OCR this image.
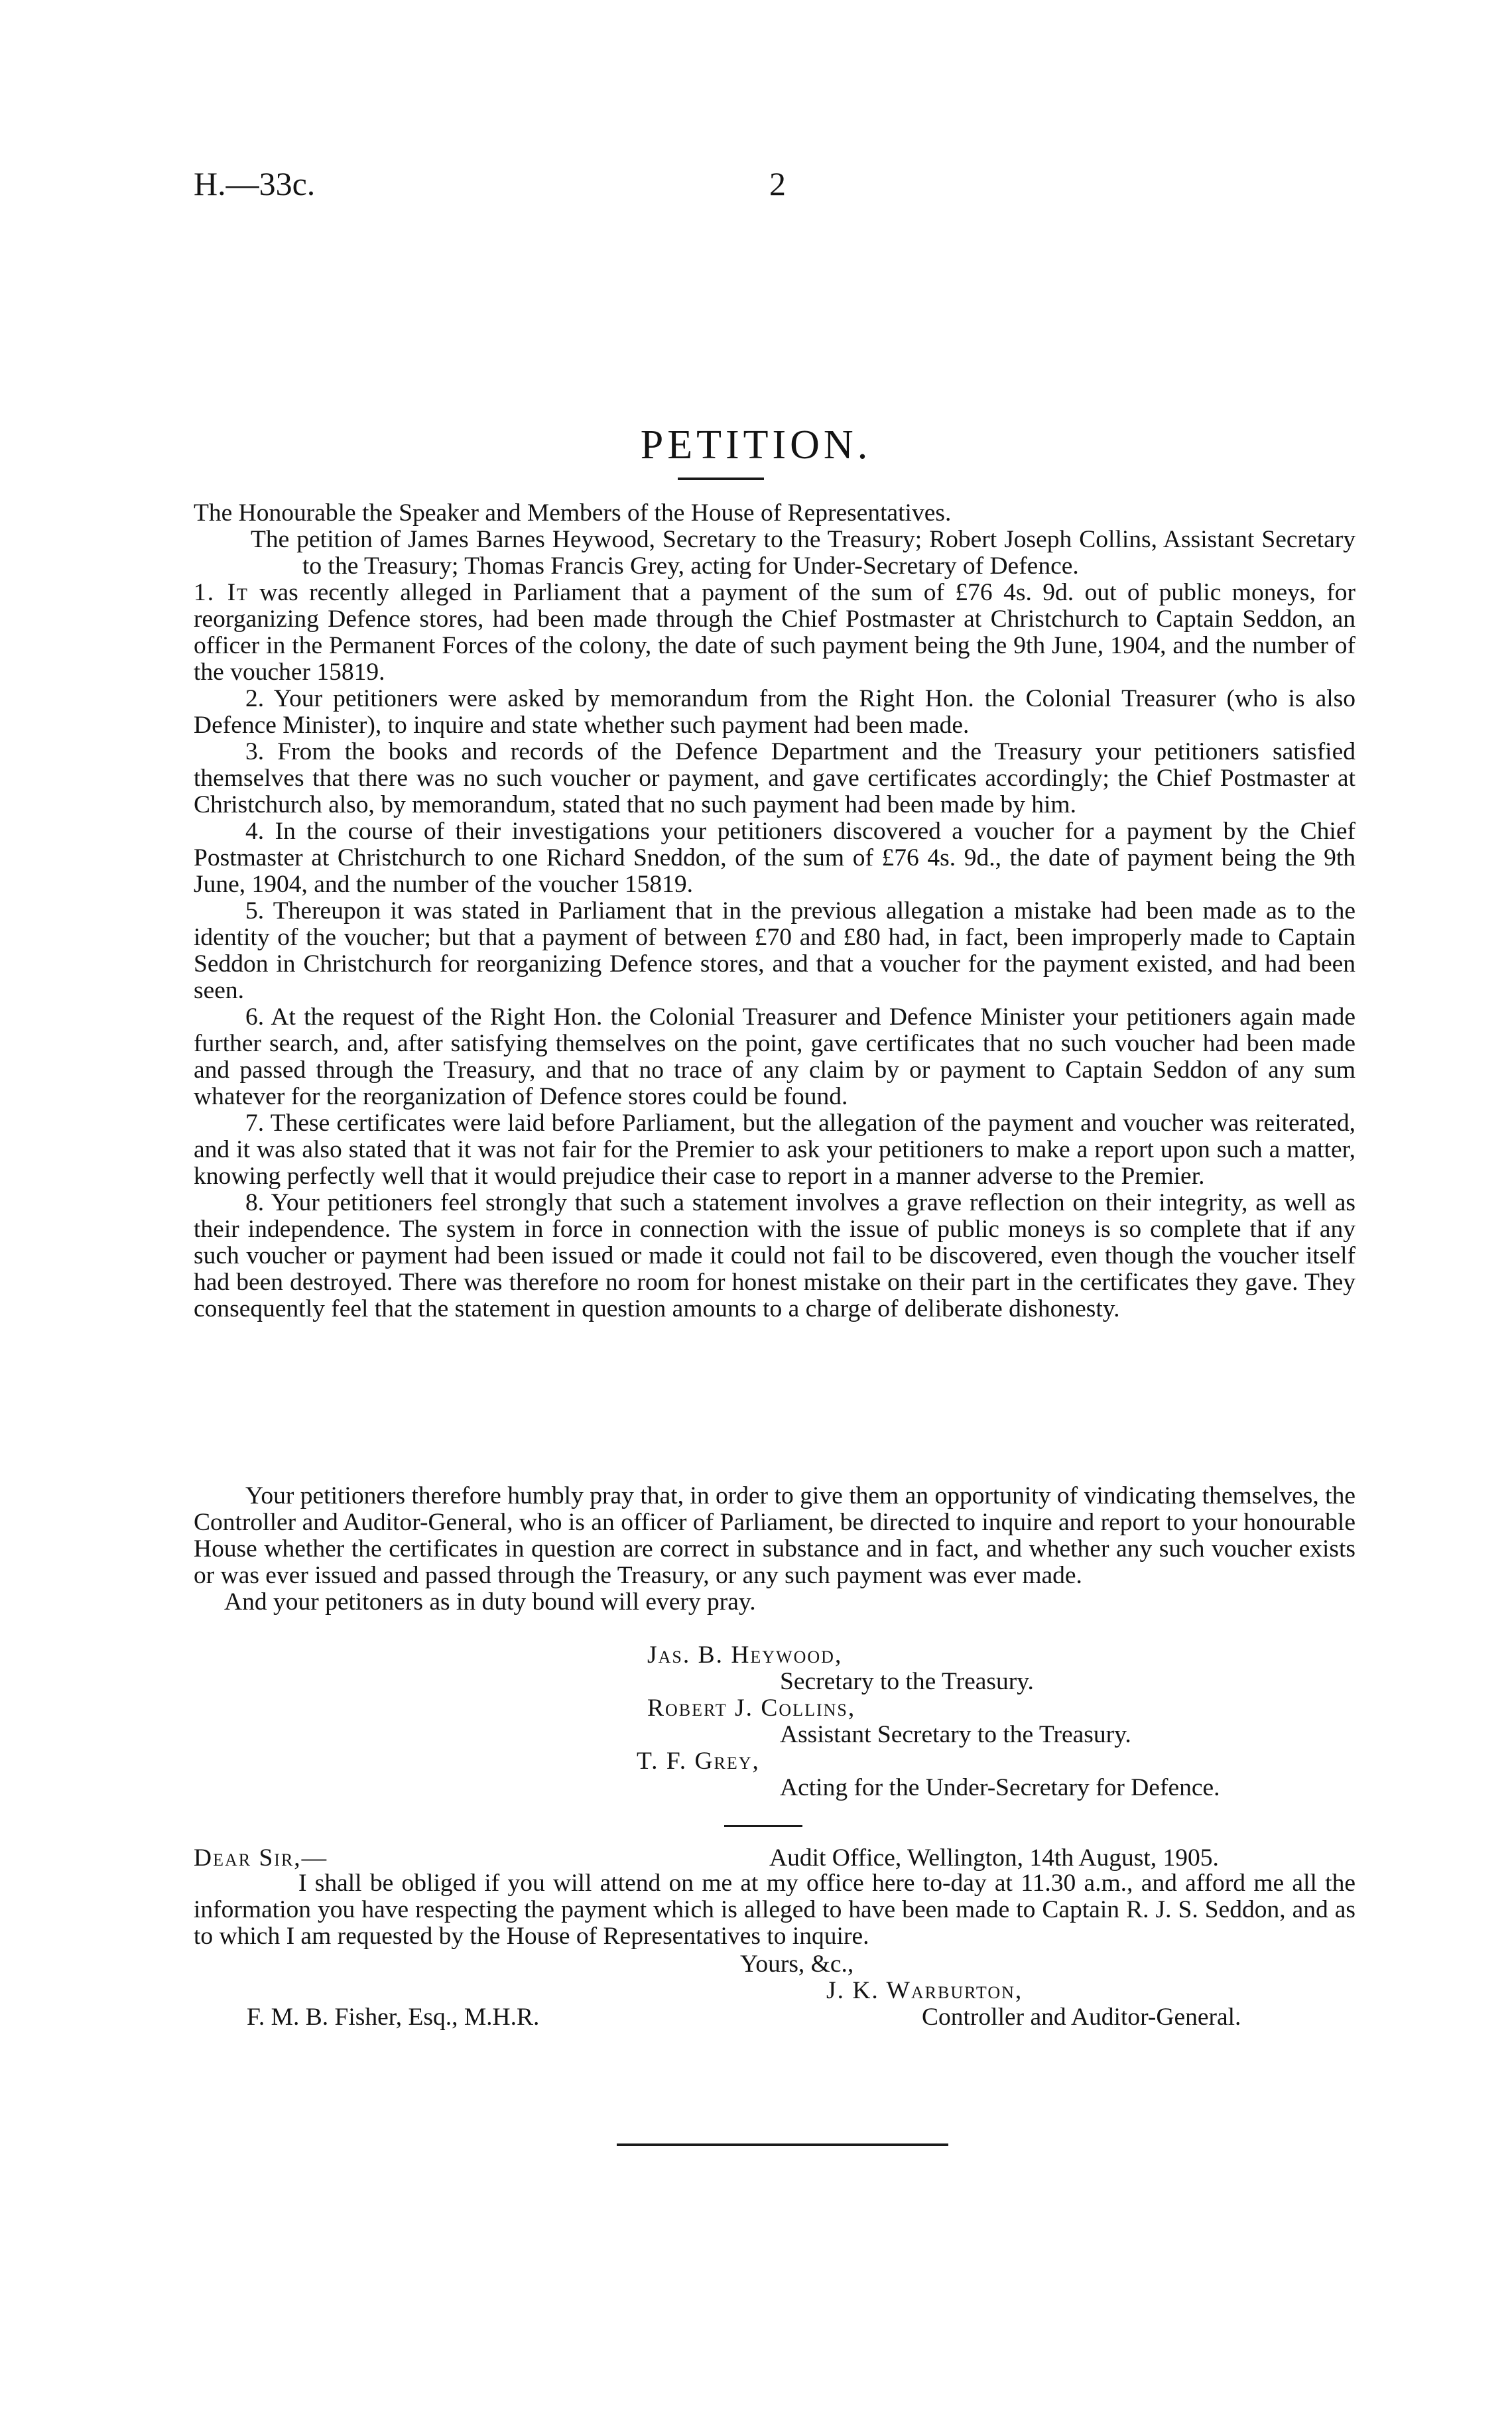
H.—33c.	2
PETITION.

The Honourable the Speaker and Members of the House of Representatives.

The petition of James Barnes Heywood, Secretary to the Treasury; Robert Joseph Collins, Assistant Secretary to the Treasury; Thomas Francis Grey, acting for Under-Secretary of Defence.

1. It was recently alleged in Parliament that a payment of the sum of £76 4s. 9d. out of public moneys, for reorganizing Defence stores, had been made through the Chief Postmaster at Christchurch to Captain Seddon, an officer in the Permanent Forces of the colony, the date of such payment being the 9th June, 1904, and the number of the voucher 15819.

2. Your petitioners were asked by memorandum from the Right Hon. the Colonial Treasurer (who is also Defence Minister), to inquire and state whether such payment had been made.

3. From the books and records of the Defence Department and the Treasury your petitioners satisfied themselves that there was no such voucher or payment, and gave certificates accordingly; the Chief Postmaster at Christchurch also, by memorandum, stated that no such payment had been made by him.

4. In the course of their investigations your petitioners discovered a voucher for a payment by the Chief Postmaster at Christchurch to one Richard Sneddon, of the sum of £76 4s. 9d., the date of payment being the 9th June, 1904, and the number of the voucher 15819.

5. Thereupon it was stated in Parliament that in the previous allegation a mistake had been made as to the identity of the voucher; but that a payment of between £70 and £80 had, in fact, been improperly made to Captain Seddon in Christchurch for reorganizing Defence stores, and that a voucher for the payment existed, and had been seen.

6. At the request of the Right Hon. the Colonial Treasurer and Defence Minister your petitioners again made further search, and, after satisfying themselves on the point, gave certificates that no such voucher had been made and passed through the Treasury, and that no trace of any claim by or payment to Captain Seddon of any sum whatever for the reorganization of Defence stores could be found.

7. These certificates were laid before Parliament, but the allegation of the payment and voucher was reiterated, and it was also stated that it was not fair for the Premier to ask your petitioners to make a report upon such a matter, knowing perfectly well that it would prejudice their case to report in a manner adverse to the Premier.

8. Your petitioners feel strongly that such a statement involves a grave reflection on their integrity, as well as their independence. The system in force in connection with the issue of public moneys is so complete that if any such voucher or payment had been issued or made it could not fail to be discovered, even though the voucher itself had been destroyed. There was therefore no room for honest mistake on their part in the certificates they gave. They consequently feel that the statement in question amounts to a charge of deliberate dishonesty.

Your petitioners therefore humbly pray that, in order to give them an opportunity of vindicating themselves, the Controller and Auditor-General, who is an officer of Parliament, be directed to inquire and report to your honourable House whether the certificates in question are correct in substance and in fact, and whether any such voucher exists or was ever issued and passed through the Treasury, or any such payment was ever made.

And your petitoners as in duty bound will every pray.

Jas. B. Heywood,
Secretary to the Treasury.
Robert J. Collins,
Assistant Secretary to the Treasury.
T. F. Grey,
Acting for the Under-Secretary for Defence.
Dear Sir,—	Audit Office, Wellington, 14th August, 1905.

I shall be obliged if you will attend on me at my office here to-day at 11.30 a.m., and afford me all the information you have respecting the payment which is alleged to have been made to Captain R. J. S. Seddon, and as to which I am requested by the House of Representatives to inquire.

Yours, &c.,
J. K. Warburton,
Controller and Auditor-General.
F. M. B. Fisher, Esq., M.H.R.
